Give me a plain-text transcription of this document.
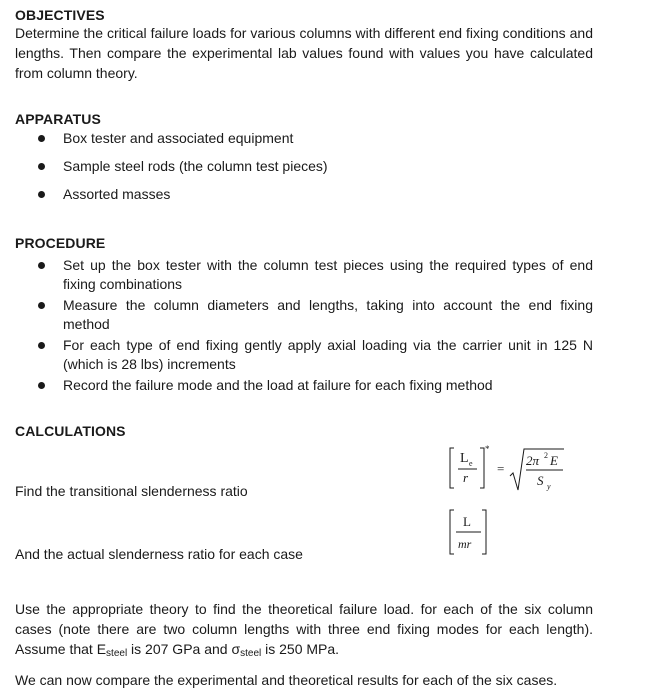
OBJECTIVES

Determine the critical failure loads for various columns with different end fixing conditions and lengths. Then compare the experimental lab values found with values you have calculated from column theory.

APPARATUS
Box tester and associated equipment
Sample steel rods (the column test pieces)
Assorted masses
PROCEDURE
Set up the box tester with the column test pieces using the required types of end fixing combinations
Measure the column diameters and lengths, taking into account the end fixing method
For each type of end fixing gently apply axial loading via the carrier unit in 125 N (which is 28 lbs) increments
Record the failure mode and the load at failure for each fixing method
CALCULATIONS

Find the transitional slenderness ratio

L e
r
*
=
2π 2 E
S y

And the actual slenderness ratio for each case

L
mr

Use the appropriate theory to find the theoretical failure load. for each of the six column cases (note there are two column lengths with three end fixing modes for each length). Assume that $E_{steel}$ is 207 GPa and $\sigma_{steel}$ is 250 MPa.

We can now compare the experimental and theoretical results for each of the six cases.
